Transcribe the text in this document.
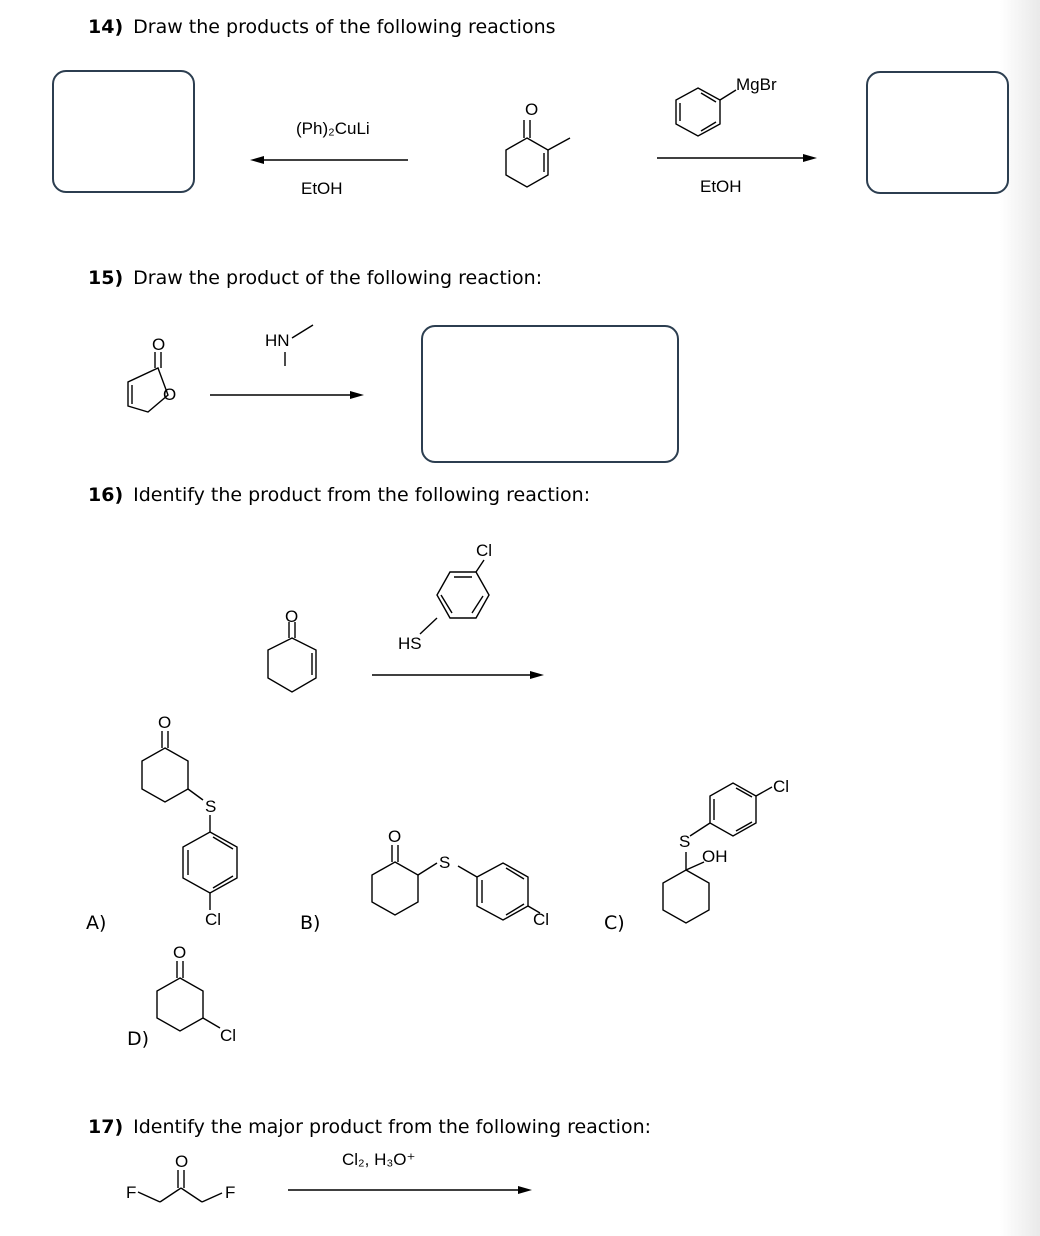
14) Draw the products of the following reactions
(Ph)₂CuLi
EtOH
MgBr
EtOH
15) Draw the product of the following reaction:
HN
16) Identify the product from the following reaction:
Cl
HS
A)	B)	C)
D)
S
Cl
S
Cl
S
OH
Cl
Cl
17) Identify the major product from the following reaction:
Cl₂, H₃O⁺
F	F
O
O
O
O
O
O
O
O
